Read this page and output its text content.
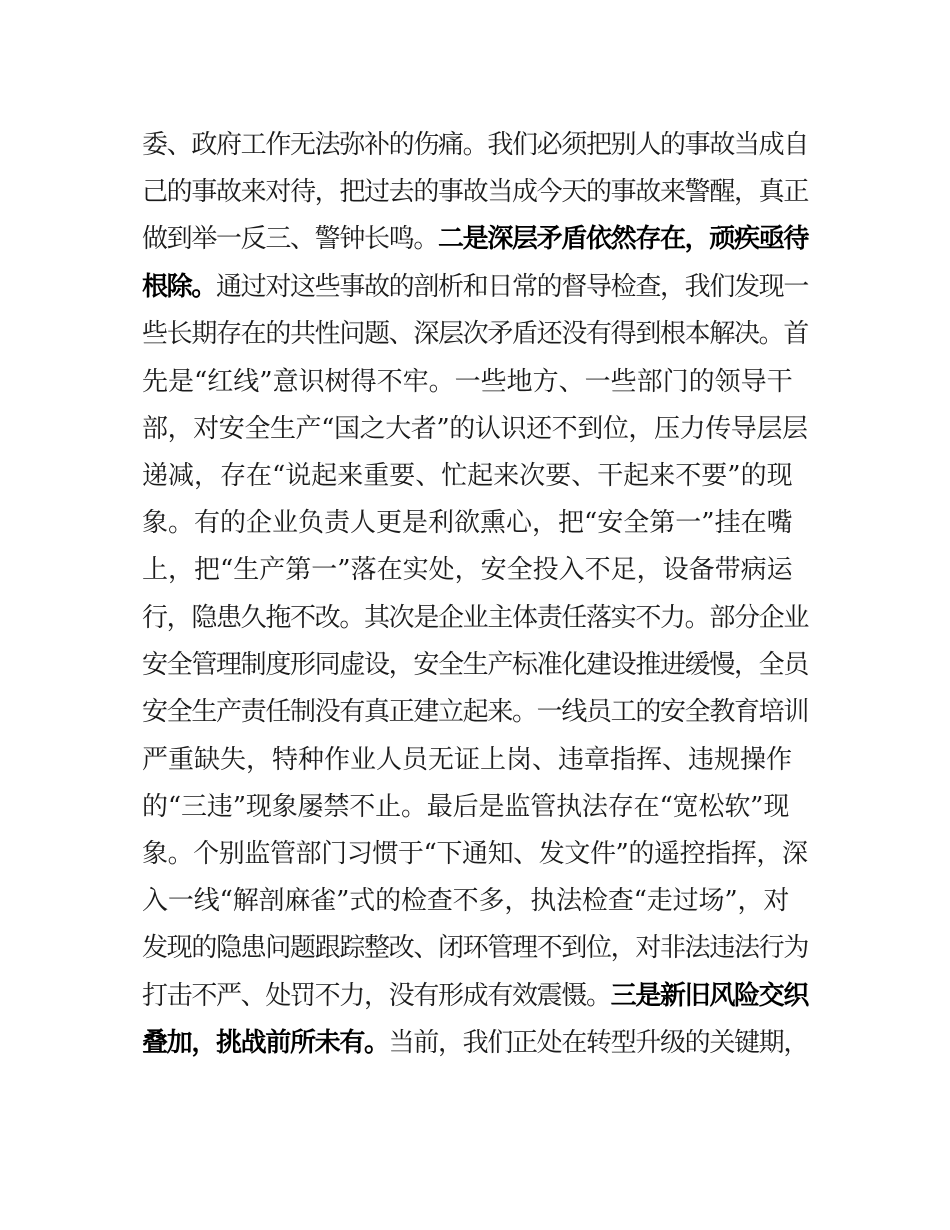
委、政府工作无法弥补的伤痛。我们必须把别人的事故当成自
己的事故来对待，把过去的事故当成今天的事故来警醒，真正
做到举一反三、警钟长鸣。二是深层矛盾依然存在，顽疾亟待
根除。通过对这些事故的剖析和日常的督导检查，我们发现一
些长期存在的共性问题、深层次矛盾还没有得到根本解决。首
先是“红线”意识树得不牢。一些地方、一些部门的领导干
部，对安全生产“国之大者”的认识还不到位，压力传导层层
递减，存在“说起来重要、忙起来次要、干起来不要”的现
象。有的企业负责人更是利欲熏心，把“安全第一”挂在嘴
上，把“生产第一”落在实处，安全投入不足，设备带病运
行，隐患久拖不改。其次是企业主体责任落实不力。部分企业
安全管理制度形同虚设，安全生产标准化建设推进缓慢，全员
安全生产责任制没有真正建立起来。一线员工的安全教育培训
严重缺失，特种作业人员无证上岗、违章指挥、违规操作
的“三违”现象屡禁不止。最后是监管执法存在“宽松软”现
象。个别监管部门习惯于“下通知、发文件”的遥控指挥，深
入一线“解剖麻雀”式的检查不多，执法检查“走过场”，对
发现的隐患问题跟踪整改、闭环管理不到位，对非法违法行为
打击不严、处罚不力，没有形成有效震慑。三是新旧风险交织
叠加，挑战前所未有。当前，我们正处在转型升级的关键期，
